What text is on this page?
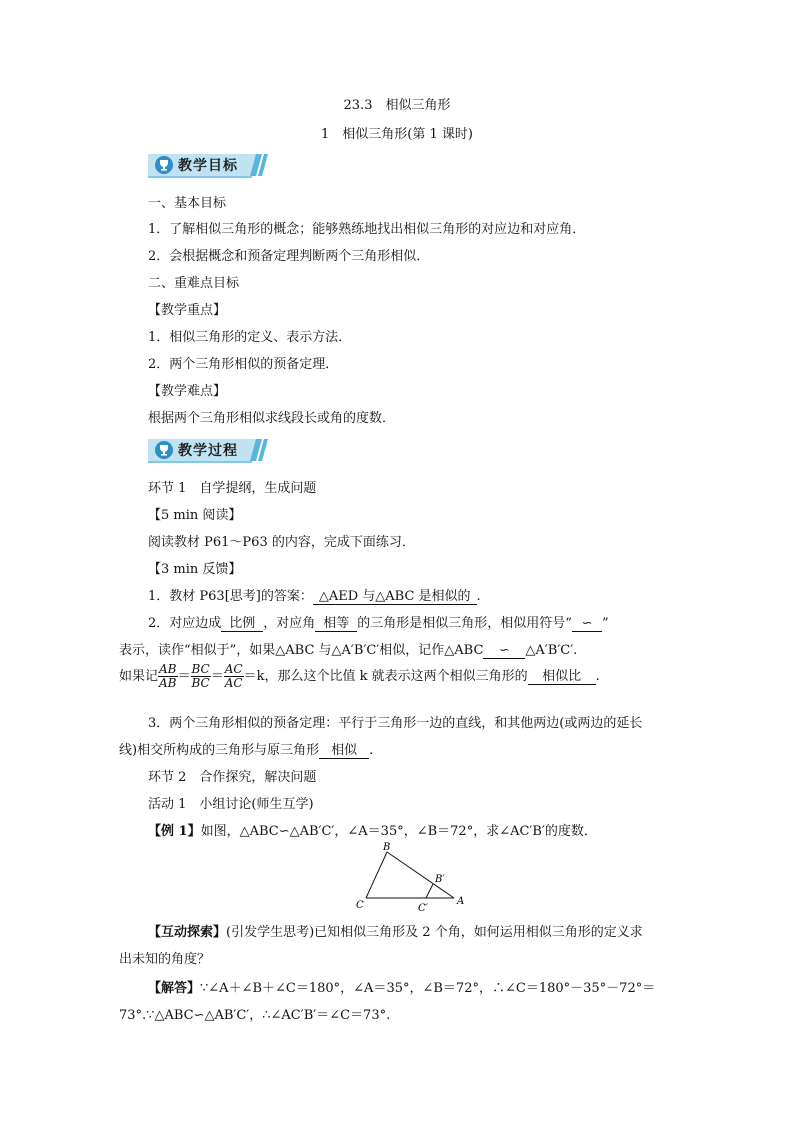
23.3　相似三角形
1　相似三角形(第 1 课时)
教学目标
一、基本目标
1．了解相似三角形的概念；能够熟练地找出相似三角形的对应边和对应角．
2．会根据概念和预备定理判断两个三角形相似．
二、重难点目标
【教学重点】
1．相似三角形的定义、表示方法．
2．两个三角形相似的预备定理．
【教学难点】
根据两个三角形相似求线段长或角的度数．
教学过程
环节 1　自学提纲，生成问题
【5 min 阅读】
阅读教材 P61～P63 的内容，完成下面练习．
【3 min 反馈】
1．教材 P63[思考]的答案： △AED 与△ABC 是相似的 .
2．对应边成 比例 ，对应角 相等 的三角形是相似三角形，相似用符号“ ∽ ”
表示，读作“相似于”，如果△ABC 与△A′B′C′相似，记作△ABC ∽ △A′B′C′.
如果记 $\frac{AB}{AB} = \frac{BC}{BC} = \frac{AC}{AC} =k$，那么这个比值 k 就表示这两个相似三角形的 相似比 .
3．两个三角形相似的预备定理：平行于三角形一边的直线，和其他两边(或两边的延长
线)相交所构成的三角形与原三角形 相似 .
环节 2　合作探究，解决问题
活动 1　小组讨论(师生互学)
【例 1】如图，△ABC∽△AB′C′，∠A＝35°，∠B＝72°，求∠AC′B′的度数．
B
B′
C	C′
A
【互动探索】(引发学生思考)已知相似三角形及 2 个角，如何运用相似三角形的定义求
出未知的角度？
【解答】∵∠A＋∠B＋∠C＝180°，∠A＝35°，∠B＝72°，∴∠C＝180°－35°－72°＝
73°.∵△ABC∽△AB′C′，∴∠AC′B′＝∠C＝73°.
